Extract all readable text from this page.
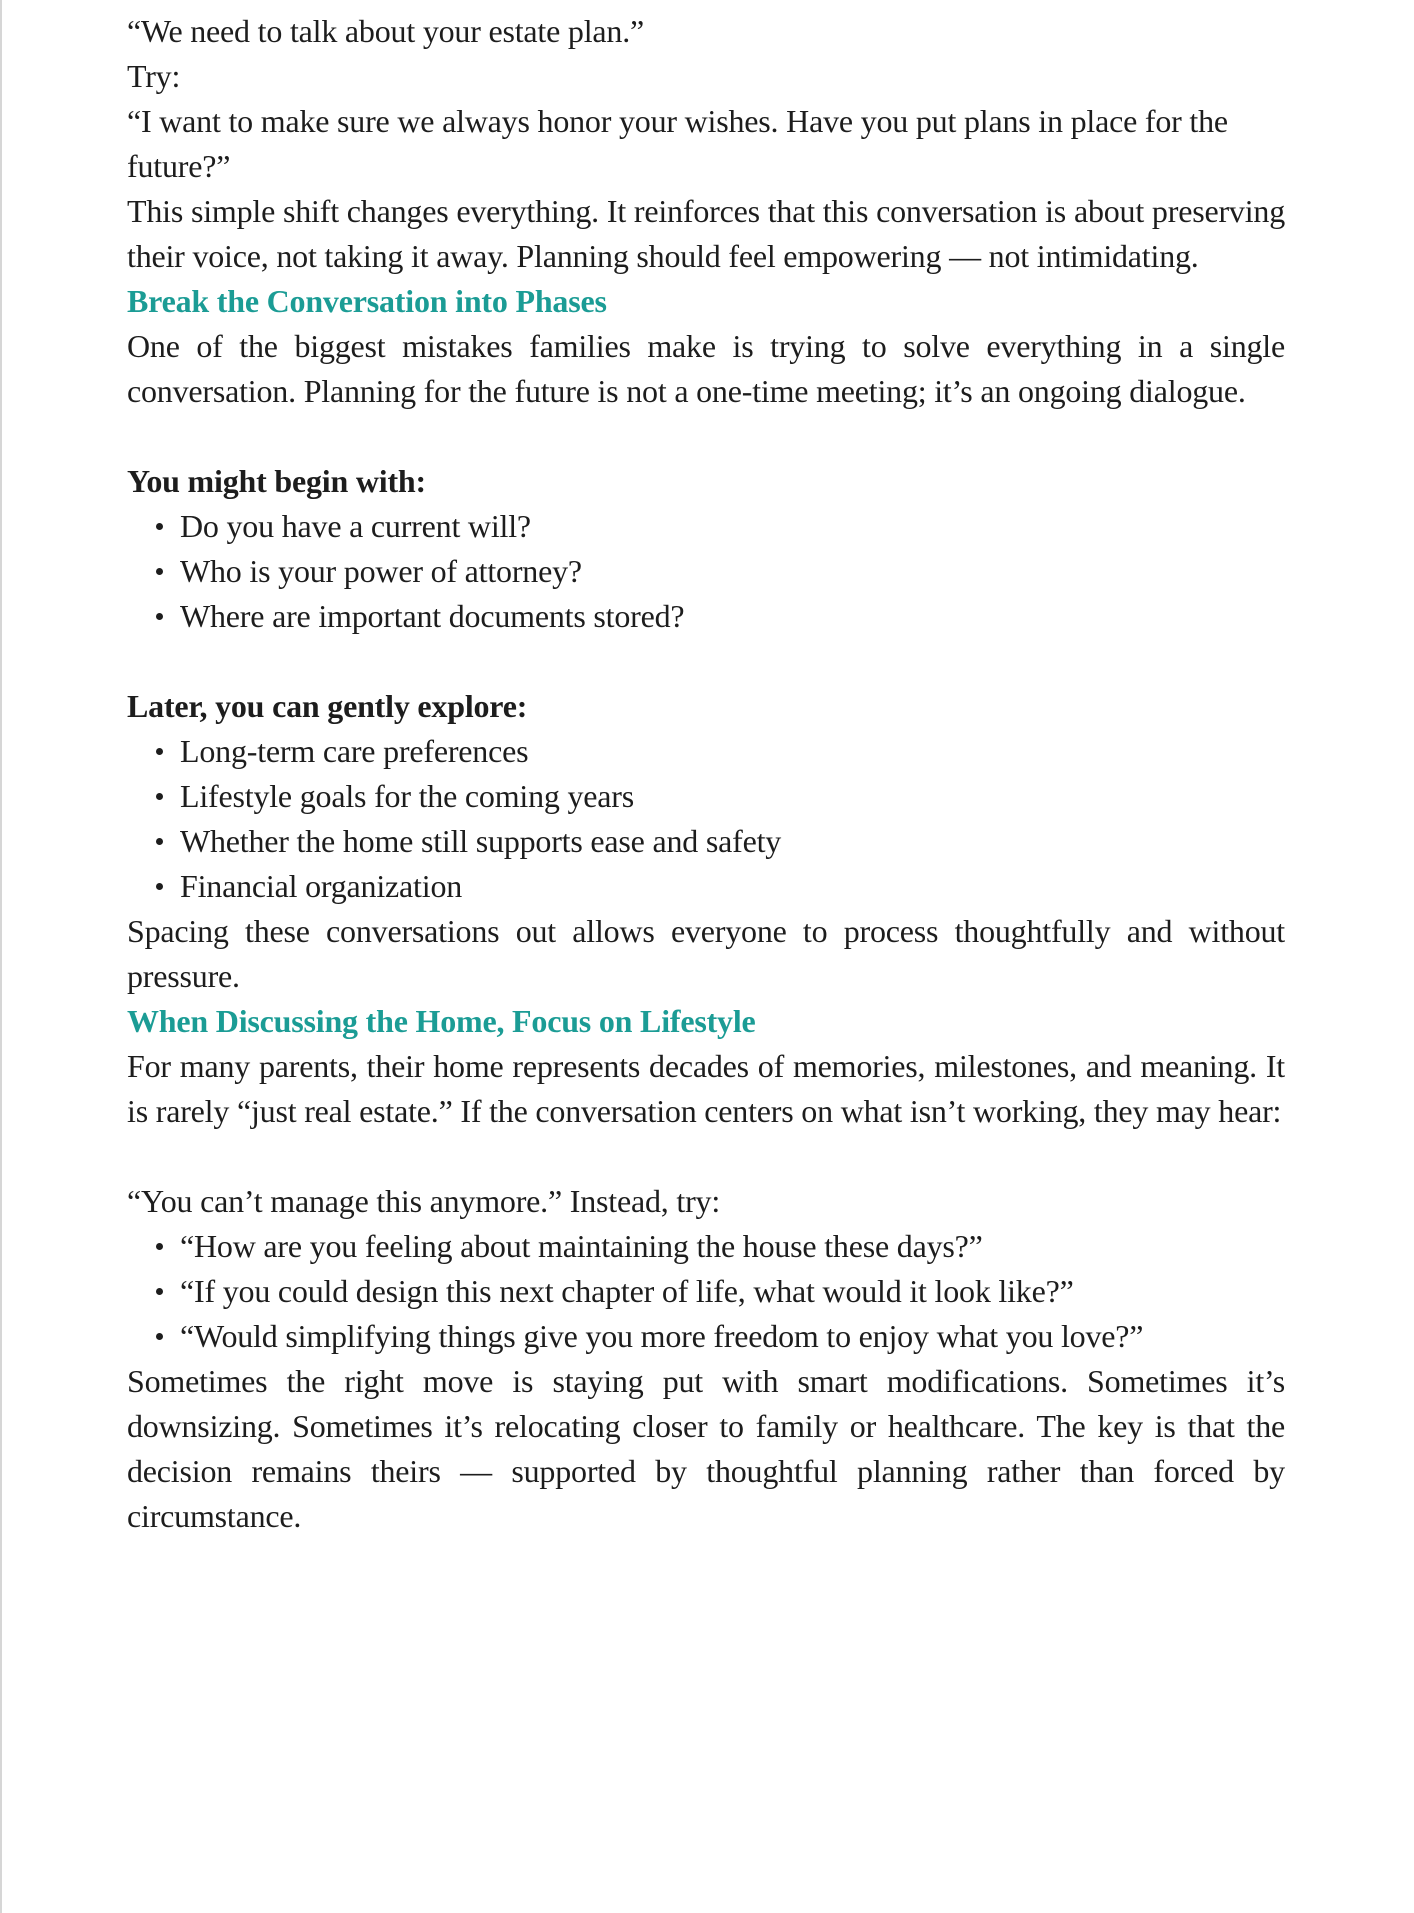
“We need to talk about your estate plan.”

Try:

“I want to make sure we always honor your wishes. Have you put plans in place for the future?”

This simple shift changes everything. It reinforces that this conversation is about preserving their voice, not taking it away. Planning should feel empowering — not intimidating.

Break the Conversation into Phases

One of the biggest mistakes families make is trying to solve everything in a single conversation. Planning for the future is not a one-time meeting; it’s an ongoing dialogue.

You might begin with:

Do you have a current will?
Who is your power of attorney?
Where are important documents stored?

Later, you can gently explore:

Long-term care preferences
Lifestyle goals for the coming years
Whether the home still supports ease and safety
Financial organization

Spacing these conversations out allows everyone to process thoughtfully and without pressure.

When Discussing the Home, Focus on Lifestyle

For many parents, their home represents decades of memories, milestones, and meaning. It is rarely “just real estate.” If the conversation centers on what isn’t working, they may hear:

“You can’t manage this anymore.” Instead, try:

“How are you feeling about maintaining the house these days?”
“If you could design this next chapter of life, what would it look like?”
“Would simplifying things give you more freedom to enjoy what you love?”

Sometimes the right move is staying put with smart modifications. Sometimes it’s downsizing. Sometimes it’s relocating closer to family or healthcare. The key is that the decision remains theirs — supported by thoughtful planning rather than forced by circumstance.
